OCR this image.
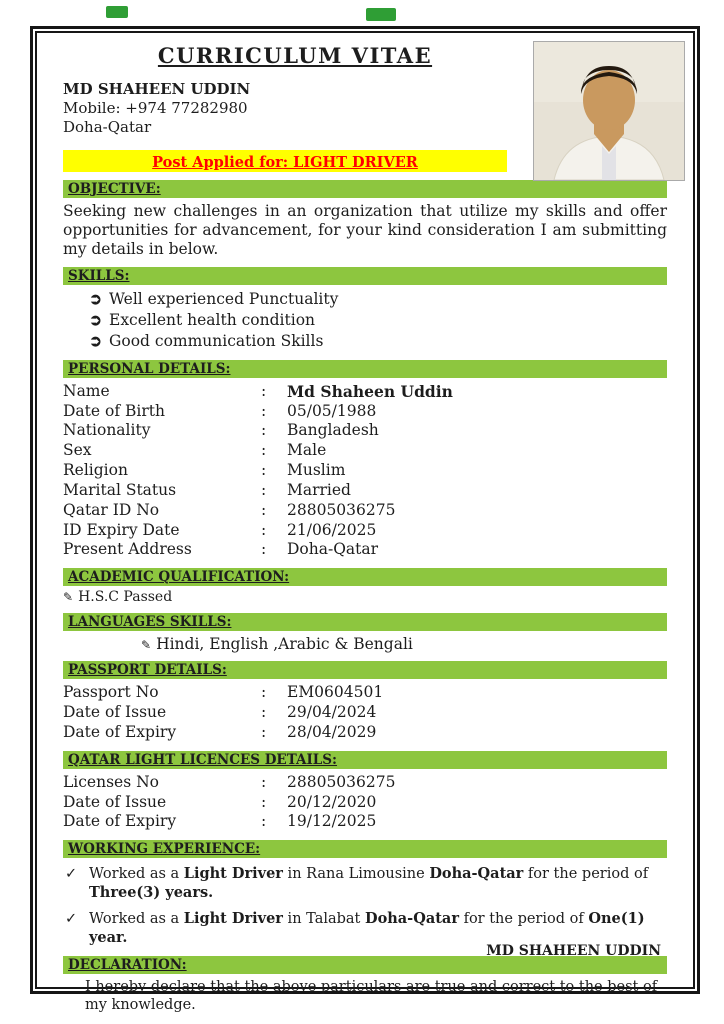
CURRICULUM VITAE
MD SHAHEEN UDDIN
Mobile: +974 77282980
Doha-Qatar
Post Applied for: LIGHT DRIVER
OBJECTIVE:
Seeking new challenges in an organization that utilize my skills and offer opportunities for advancement, for your kind consideration I am submitting my details in below.
SKILLS:
➲ Well experienced Punctuality
➲ Excellent health condition
➲ Good communication Skills
PERSONAL DETAILS:
Name	:	Md Shaheen Uddin
Date of Birth	:	05/05/1988
Nationality	:	Bangladesh
Sex	:	Male
Religion	:	Muslim
Marital Status	:	Married
Qatar ID No	:	28805036275
ID Expiry Date	:	21/06/2025
Present Address	:	Doha-Qatar
ACADEMIC QUALIFICATION:
✎ H.S.C Passed
LANGUAGES SKILLS:
✎ Hindi, English ,Arabic & Bengali
PASSPORT DETAILS:
Passport No	:	EM0604501
Date of Issue	:	29/04/2024
Date of Expiry	:	28/04/2029
QATAR LIGHT LICENCES DETAILS:
Licenses No	:	28805036275
Date of Issue	:	20/12/2020
Date of Expiry	:	19/12/2025
WORKING EXPERIENCE:
✓ Worked as a Light Driver in Rana Limousine Doha-Qatar for the period of Three(3) years.
✓ Worked as a Light Driver in Talabat Doha-Qatar for the period of One(1) year.
DECLARATION:
I hereby declare that the above particulars are true and correct to the best of my knowledge.
MD SHAHEEN UDDIN
